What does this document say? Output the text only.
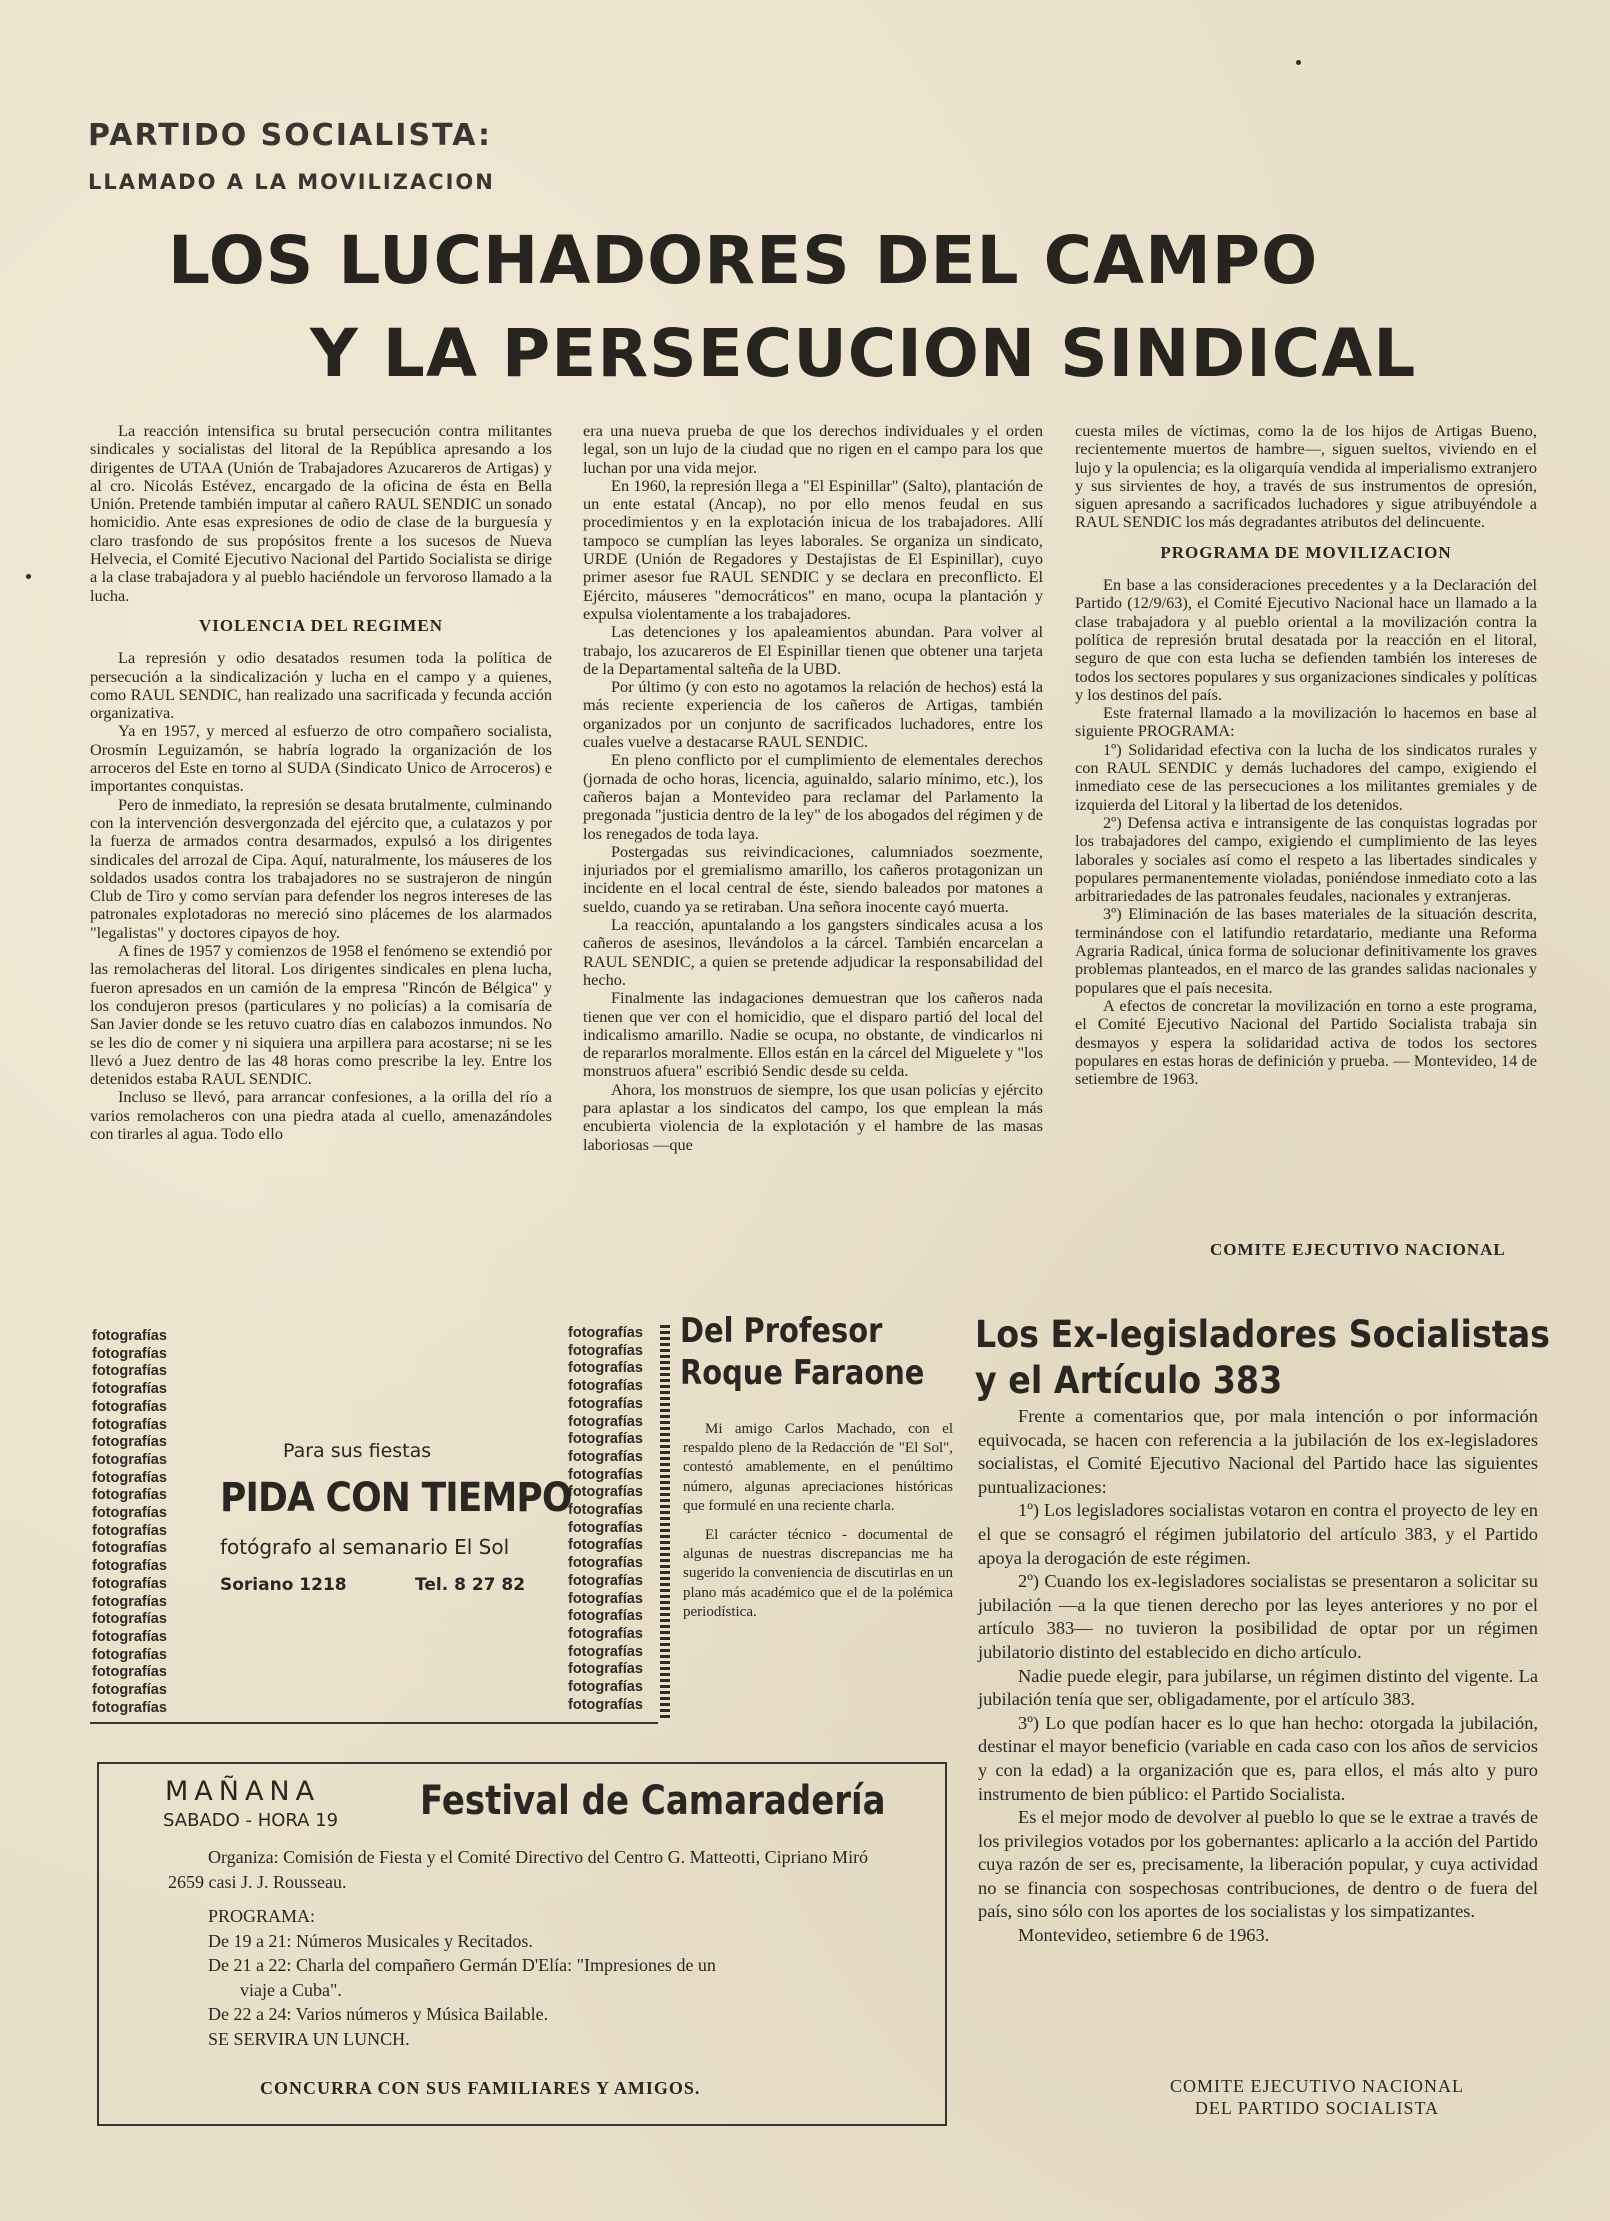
PARTIDO SOCIALISTA:
LLAMADO A LA MOVILIZACION
LOS LUCHADORES DEL CAMPO
Y LA PERSECUCION SINDICAL

La reacción intensifica su brutal persecución contra militantes sindicales y socialistas del litoral de la República apresando a los dirigentes de UTAA (Unión de Trabajadores Azucareros de Artigas) y al cro. Nicolás Estévez, encargado de la oficina de ésta en Bella Unión. Pretende también imputar al cañero RAUL SENDIC un sonado homicidio. Ante esas expresiones de odio de clase de la burguesía y claro trasfondo de sus propósitos frente a los sucesos de Nueva Helvecia, el Comité Ejecutivo Nacional del Partido Socialista se dirige a la clase trabajadora y al pueblo haciéndole un fervoroso llamado a la lucha.

VIOLENCIA DEL REGIMEN

La represión y odio desatados resumen toda la política de persecución a la sindicalización y lucha en el campo y a quienes, como RAUL SENDIC, han realizado una sacrificada y fecunda acción organizativa.

Ya en 1957, y merced al esfuerzo de otro compañero socialista, Orosmín Leguizamón, se habría logrado la organización de los arroceros del Este en torno al SUDA (Sindicato Unico de Arroceros) e importantes conquistas.

Pero de inmediato, la represión se desata brutalmente, culminando con la intervención desvergonzada del ejército que, a culatazos y por la fuerza de armados contra desarmados, expulsó a los dirigentes sindicales del arrozal de Cipa. Aquí, naturalmente, los máuseres de los soldados usados contra los trabajadores no se sustrajeron de ningún Club de Tiro y como servían para defender los negros intereses de las patronales explotadoras no mereció sino plácemes de los alarmados "legalistas" y doctores cipayos de hoy.

A fines de 1957 y comienzos de 1958 el fenómeno se extendió por las remolacheras del litoral. Los dirigentes sindicales en plena lucha, fueron apresados en un camión de la empresa "Rincón de Bélgica" y los condujeron presos (particulares y no policías) a la comisaría de San Javier donde se les retuvo cuatro días en calabozos inmundos. No se les dio de comer y ni siquiera una arpillera para acostarse; ni se les llevó a Juez dentro de las 48 horas como prescribe la ley. Entre los detenidos estaba RAUL SENDIC.

Incluso se llevó, para arrancar confesiones, a la orilla del río a varios remolacheros con una piedra atada al cuello, amenazándoles con tirarles al agua. Todo ello

era una nueva prueba de que los derechos individuales y el orden legal, son un lujo de la ciudad que no rigen en el campo para los que luchan por una vida mejor.

En 1960, la represión llega a "El Espinillar" (Salto), plantación de un ente estatal (Ancap), no por ello menos feudal en sus procedimientos y en la explotación inicua de los trabajadores. Allí tampoco se cumplían las leyes laborales. Se organiza un sindicato, URDE (Unión de Regadores y Destajistas de El Espinillar), cuyo primer asesor fue RAUL SENDIC y se declara en preconflicto. El Ejército, máuseres "democráticos" en mano, ocupa la plantación y expulsa violentamente a los trabajadores.

Las detenciones y los apaleamientos abundan. Para volver al trabajo, los azucareros de El Espinillar tienen que obtener una tarjeta de la Departamental salteña de la UBD.

Por último (y con esto no agotamos la relación de hechos) está la más reciente experiencia de los cañeros de Artigas, también organizados por un conjunto de sacrificados luchadores, entre los cuales vuelve a destacarse RAUL SENDIC.

En pleno conflicto por el cumplimiento de elementales derechos (jornada de ocho horas, licencia, aguinaldo, salario mínimo, etc.), los cañeros bajan a Montevideo para reclamar del Parlamento la pregonada "justicia dentro de la ley" de los abogados del régimen y de los renegados de toda laya.

Postergadas sus reivindicaciones, calumniados soezmente, injuriados por el gremialismo amarillo, los cañeros protagonizan un incidente en el local central de éste, siendo baleados por matones a sueldo, cuando ya se retiraban. Una señora inocente cayó muerta.

La reacción, apuntalando a los gangsters sindicales acusa a los cañeros de asesinos, llevándolos a la cárcel. También encarcelan a RAUL SENDIC, a quien se pretende adjudicar la responsabilidad del hecho.

Finalmente las indagaciones demuestran que los cañeros nada tienen que ver con el homicidio, que el disparo partió del local del indicalismo amarillo. Nadie se ocupa, no obstante, de vindicarlos ni de repararlos moralmente. Ellos están en la cárcel del Miguelete y "los monstruos afuera" escribió Sendic desde su celda.

Ahora, los monstruos de siempre, los que usan policías y ejército para aplastar a los sindicatos del campo, los que emplean la más encubierta violencia de la explotación y el hambre de las masas laboriosas —que

cuesta miles de víctimas, como la de los hijos de Artigas Bueno, recientemente muertos de hambre—, siguen sueltos, viviendo en el lujo y la opulencia; es la oligarquía vendida al imperialismo extranjero y sus sirvientes de hoy, a través de sus instrumentos de opresión, siguen apresando a sacrificados luchadores y sigue atribuyéndole a RAUL SENDIC los más degradantes atributos del delincuente.

PROGRAMA DE MOVILIZACION

En base a las consideraciones precedentes y a la Declaración del Partido (12/9/63), el Comité Ejecutivo Nacional hace un llamado a la clase trabajadora y al pueblo oriental a la movilización contra la política de represión brutal desatada por la reacción en el litoral, seguro de que con esta lucha se defienden también los intereses de todos los sectores populares y sus organizaciones sindicales y políticas y los destinos del país.

Este fraternal llamado a la movilización lo hacemos en base al siguiente PROGRAMA:

1º) Solidaridad efectiva con la lucha de los sindicatos rurales y con RAUL SENDIC y demás luchadores del campo, exigiendo el inmediato cese de las persecuciones a los militantes gremiales y de izquierda del Litoral y la libertad de los detenidos.

2º) Defensa activa e intransigente de las conquistas logradas por los trabajadores del campo, exigiendo el cumplimiento de las leyes laborales y sociales así como el respeto a las libertades sindicales y populares permanentemente violadas, poniéndose inmediato coto a las arbitrariedades de las patronales feudales, nacionales y extranjeras.

3º) Eliminación de las bases materiales de la situación descrita, terminándose con el latifundio retardatario, mediante una Reforma Agraria Radical, única forma de solucionar definitivamente los graves problemas planteados, en el marco de las grandes salidas nacionales y populares que el país necesita.

A efectos de concretar la movilización en torno a este programa, el Comité Ejecutivo Nacional del Partido Socialista trabaja sin desmayos y espera la solidaridad activa de todos los sectores populares en estas horas de definición y prueba. — Montevideo, 14 de setiembre de 1963.

COMITE EJECUTIVO NACIONAL
fotografías
fotografías
fotografías
fotografías
fotografías
fotografías
fotografías
fotografías
fotografías
fotografías
fotografías
fotografías
fotografías
fotografías
fotografías
fotografías
fotografías
fotografías
fotografías
fotografías
fotografías
fotografías
fotografías
fotografías
fotografías
fotografías
fotografías
fotografías
fotografías
fotografías
fotografías
fotografías
fotografías
fotografías
fotografías
fotografías
fotografías
fotografías
fotografías
fotografías
fotografías
fotografías
fotografías
fotografías
Para sus fiestas
PIDA CON TIEMPO
fotógrafo al semanario El Sol
Soriano 1218	Tel. 8 27 82
Del Profesor
Roque Faraone

Mi amigo Carlos Machado, con el respaldo pleno de la Redacción de "El Sol", contestó amablemente, en el penúltimo número, algunas apreciaciones históricas que formulé en una reciente charla.

El carácter técnico - documental de algunas de nuestras discrepancias me ha sugerido la conveniencia de discutirlas en un plano más académico que el de la polémica periodística.

MAÑANA
SABADO - HORA 19 Festival de Camaradería
Organiza: Comisión de Fiesta y el Comité Directivo del Centro G. Matteotti, Cipriano Miró 2659 casi J. J. Rousseau.
PROGRAMA:
De 19 a 21: Números Musicales y Recitados.
De 21 a 22: Charla del compañero Germán D'Elía: "Impresiones de un
viaje a Cuba".
De 22 a 24: Varios números y Música Bailable.
SE SERVIRA UN LUNCH.
CONCURRA CON SUS FAMILIARES Y AMIGOS.
Los Ex-legisladores Socialistas
y el Artículo 383

Frente a comentarios que, por mala intención o por información equivocada, se hacen con referencia a la jubilación de los ex-legisladores socialistas, el Comité Ejecutivo Nacional del Partido hace las siguientes puntualizaciones:

1º) Los legisladores socialistas votaron en contra el proyecto de ley en el que se consagró el régimen jubilatorio del artículo 383, y el Partido apoya la derogación de este régimen.

2º) Cuando los ex-legisladores socialistas se presentaron a solicitar su jubilación —a la que tienen derecho por las leyes anteriores y no por el artículo 383— no tuvieron la posibilidad de optar por un régimen jubilatorio distinto del establecido en dicho artículo.

Nadie puede elegir, para jubilarse, un régimen distinto del vigente. La jubilación tenía que ser, obligadamente, por el artículo 383.

3º) Lo que podían hacer es lo que han hecho: otorgada la jubilación, destinar el mayor beneficio (variable en cada caso con los años de servicios y con la edad) a la organización que es, para ellos, el más alto y puro instrumento de bien público: el Partido Socialista.

Es el mejor modo de devolver al pueblo lo que se le extrae a través de los privilegios votados por los gobernantes: aplicarlo a la acción del Partido cuya razón de ser es, precisamente, la liberación popular, y cuya actividad no se financia con sospechosas contribuciones, de dentro o de fuera del país, sino sólo con los aportes de los socialistas y los simpatizantes.

Montevideo, setiembre 6 de 1963.

COMITE EJECUTIVO NACIONAL
DEL PARTIDO SOCIALISTA
